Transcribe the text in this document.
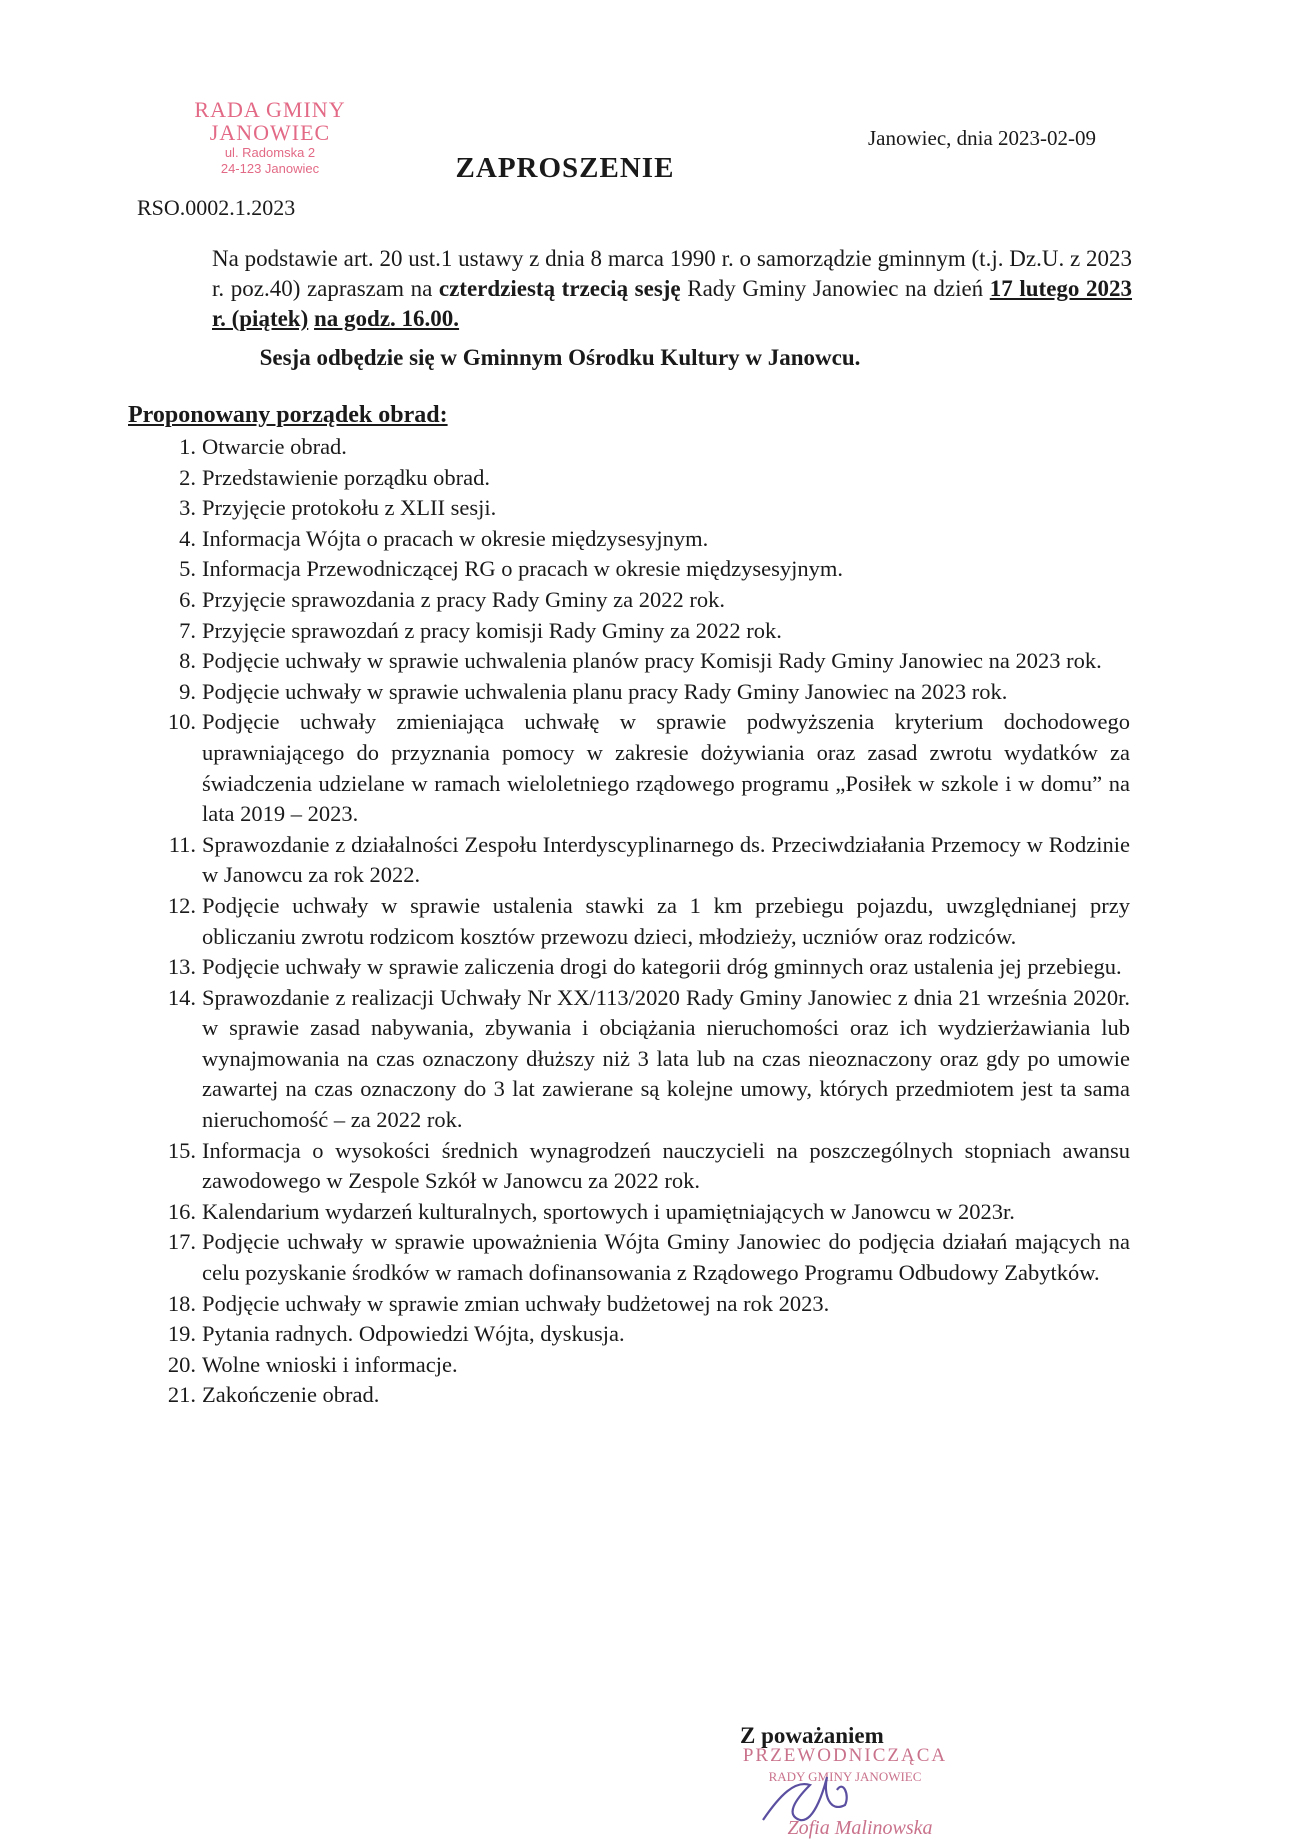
RADA GMINY
JANOWIEC
ul. Radomska 2
24-123 Janowiec
Janowiec, dnia 2023-02-09
ZAPROSZENIE
RSO.0002.1.2023
Na podstawie art. 20 ust.1 ustawy z dnia 8 marca 1990 r. o samorządzie gminnym (t.j. Dz.U. z 2023 r. poz.40) zapraszam na czterdziestą trzecią sesję Rady Gminy Janowiec na dzień 17 lutego 2023 r. (piątek) na godz. 16.00.
Sesja odbędzie się w Gminnym Ośrodku Kultury w Janowcu.
Proponowany porządek obrad:
1. Otwarcie obrad.
2. Przedstawienie porządku obrad.
3. Przyjęcie protokołu z XLII sesji.
4. Informacja Wójta o pracach w okresie międzysesyjnym.
5. Informacja Przewodniczącej RG o pracach w okresie międzysesyjnym.
6. Przyjęcie sprawozdania z pracy Rady Gminy za 2022 rok.
7. Przyjęcie sprawozdań z pracy komisji Rady Gminy za 2022 rok.
8. Podjęcie uchwały w sprawie uchwalenia planów pracy Komisji Rady Gminy Janowiec na 2023 rok.
9. Podjęcie uchwały w sprawie uchwalenia planu pracy Rady Gminy Janowiec na 2023 rok.
10. Podjęcie uchwały zmieniająca uchwałę w sprawie podwyższenia kryterium dochodowego uprawniającego do przyznania pomocy w zakresie dożywiania oraz zasad zwrotu wydatków za świadczenia udzielane w ramach wieloletniego rządowego programu „Posiłek w szkole i w domu” na lata 2019 – 2023.
11. Sprawozdanie z działalności Zespołu Interdyscyplinarnego ds. Przeciwdziałania Przemocy w Rodzinie w Janowcu za rok 2022.
12. Podjęcie uchwały w sprawie ustalenia stawki za 1 km przebiegu pojazdu, uwzględnianej przy obliczaniu zwrotu rodzicom kosztów przewozu dzieci, młodzieży, uczniów oraz rodziców.
13. Podjęcie uchwały w sprawie zaliczenia drogi do kategorii dróg gminnych oraz ustalenia jej przebiegu.
14. Sprawozdanie z realizacji Uchwały Nr XX/113/2020 Rady Gminy Janowiec z dnia 21 września 2020r. w sprawie zasad nabywania, zbywania i obciążania nieruchomości oraz ich wydzierżawiania lub wynajmowania na czas oznaczony dłuższy niż 3 lata lub na czas nieoznaczony oraz gdy po umowie zawartej na czas oznaczony do 3 lat zawierane są kolejne umowy, których przedmiotem jest ta sama nieruchomość – za 2022 rok.
15. Informacja o wysokości średnich wynagrodzeń nauczycieli na poszczególnych stopniach awansu zawodowego w Zespole Szkół w Janowcu za 2022 rok.
16. Kalendarium wydarzeń kulturalnych, sportowych i upamiętniających w Janowcu w 2023r.
17. Podjęcie uchwały w sprawie upoważnienia Wójta Gminy Janowiec do podjęcia działań mających na celu pozyskanie środków w ramach dofinansowania z Rządowego Programu Odbudowy Zabytków.
18. Podjęcie uchwały w sprawie zmian uchwały budżetowej na rok 2023.
19. Pytania radnych. Odpowiedzi Wójta, dyskusja.
20. Wolne wnioski i informacje.
21. Zakończenie obrad.
Z poważaniem
PRZEWODNICZĄCA
RADY GMINY JANOWIEC
Zofia Malinowska
